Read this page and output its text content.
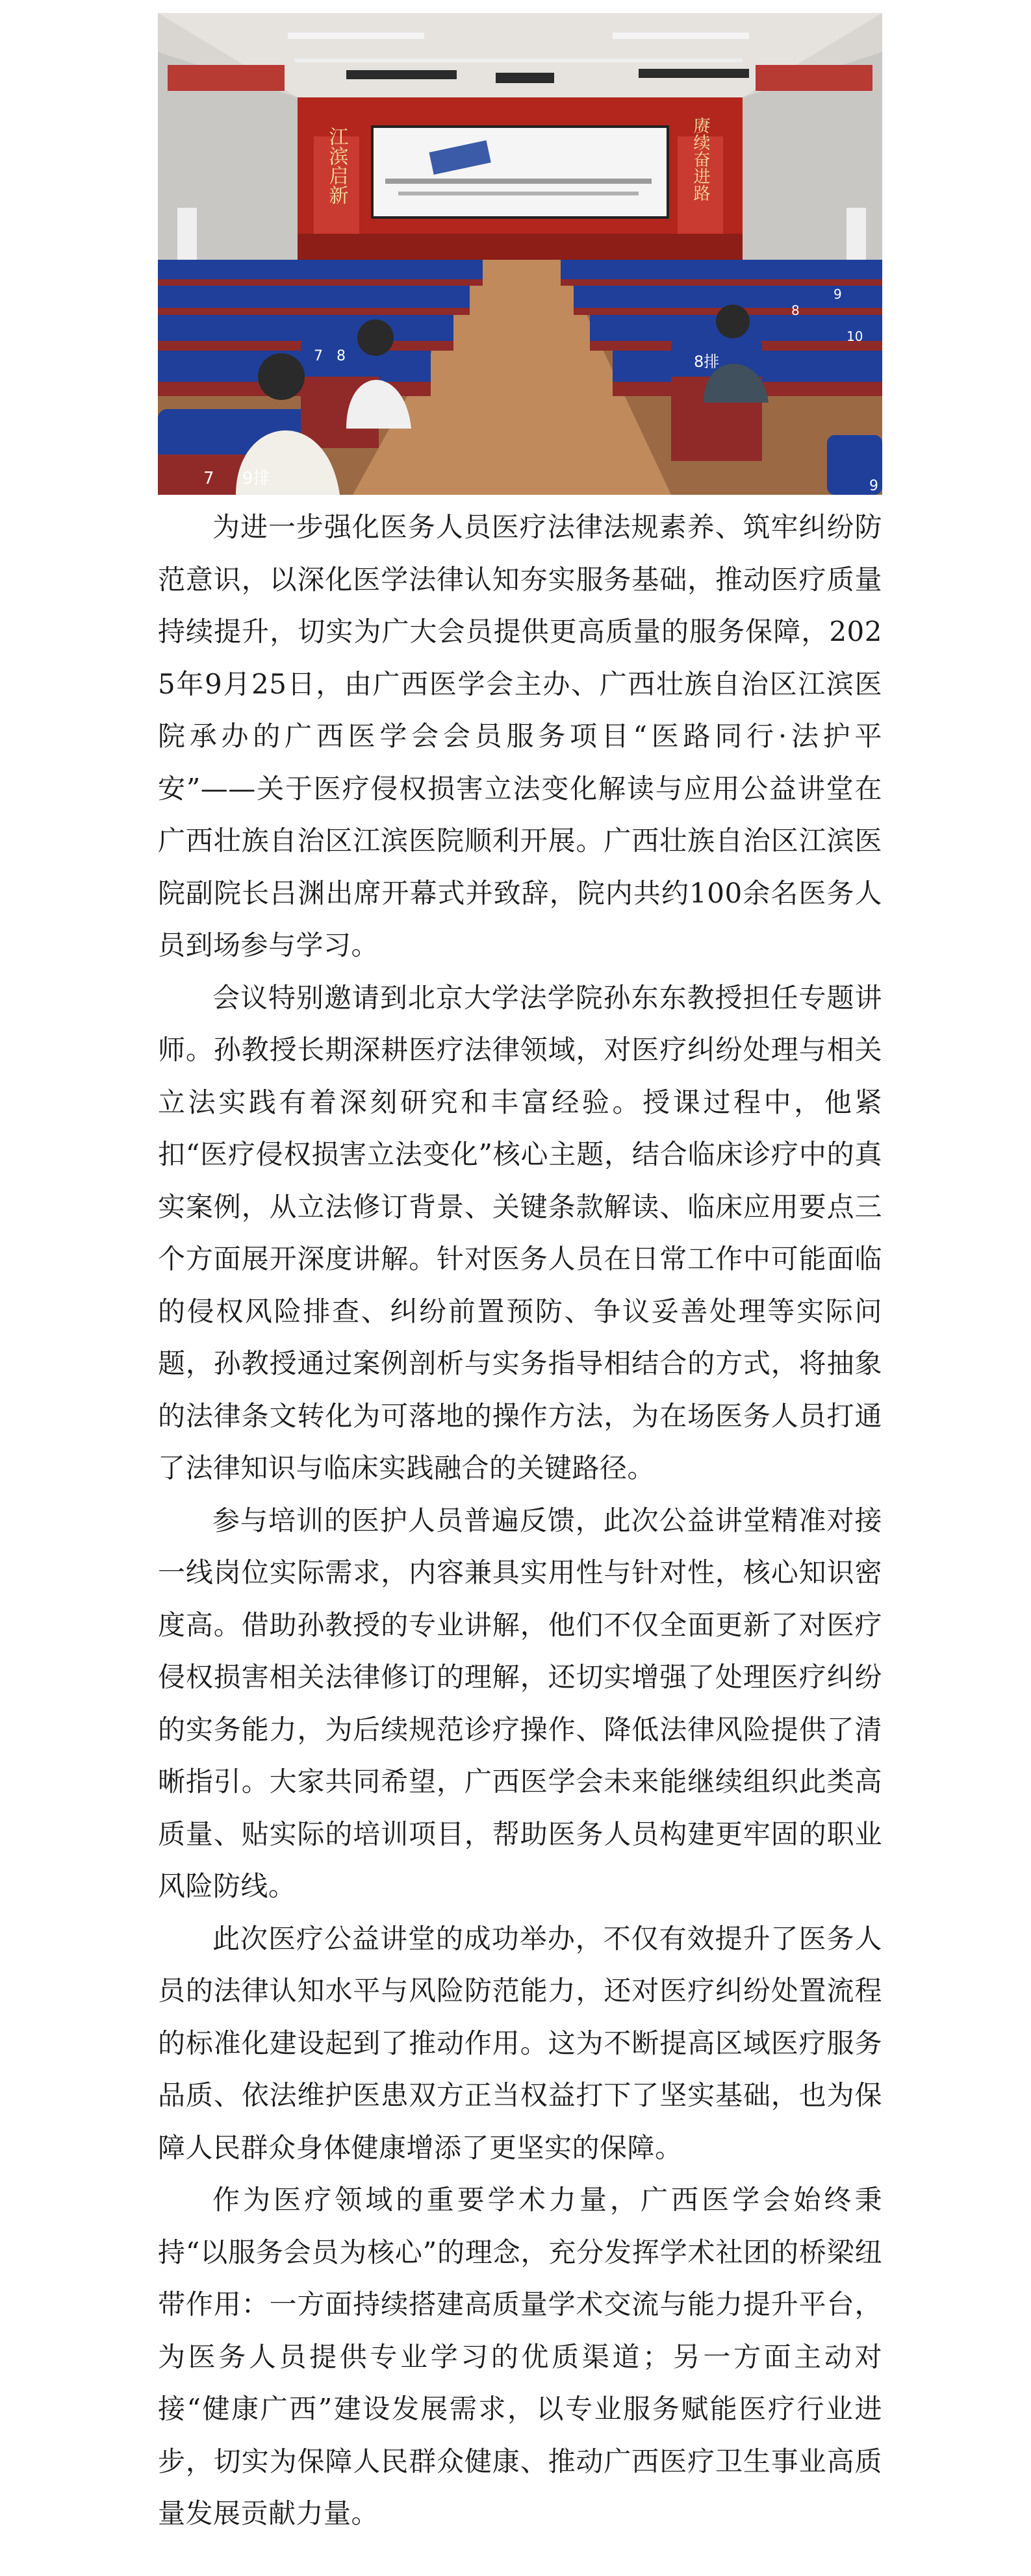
江滨启新	赓续奋进路
7 9排
7 8	8排
8
9
10
9

为进一步强化医务人员医疗法律法规素养、筑牢纠纷防范意识，以深化医学法律认知夯实服务基础，推动医疗质量持续提升，切实为广大会员提供更高质量的服务保障，2025年9月25日，由广西医学会主办、广西壮族自治区江滨医院承办的广西医学会会员服务项目“医路同行·法护平安”——关于医疗侵权损害立法变化解读与应用公益讲堂在广西壮族自治区江滨医院顺利开展。广西壮族自治区江滨医院副院长吕渊出席开幕式并致辞，院内共约100余名医务人员到场参与学习。

会议特别邀请到北京大学法学院孙东东教授担任专题讲师。孙教授长期深耕医疗法律领域，对医疗纠纷处理与相关立法实践有着深刻研究和丰富经验。授课过程中，他紧扣“医疗侵权损害立法变化”核心主题，结合临床诊疗中的真实案例，从立法修订背景、关键条款解读、临床应用要点三个方面展开深度讲解。针对医务人员在日常工作中可能面临的侵权风险排查、纠纷前置预防、争议妥善处理等实际问题，孙教授通过案例剖析与实务指导相结合的方式，将抽象的法律条文转化为可落地的操作方法，为在场医务人员打通了法律知识与临床实践融合的关键路径。

参与培训的医护人员普遍反馈，此次公益讲堂精准对接一线岗位实际需求，内容兼具实用性与针对性，核心知识密度高。借助孙教授的专业讲解，他们不仅全面更新了对医疗侵权损害相关法律修订的理解，还切实增强了处理医疗纠纷的实务能力，为后续规范诊疗操作、降低法律风险提供了清晰指引。大家共同希望，广西医学会未来能继续组织此类高质量、贴实际的培训项目，帮助医务人员构建更牢固的职业风险防线。

此次医疗公益讲堂的成功举办，不仅有效提升了医务人员的法律认知水平与风险防范能力，还对医疗纠纷处置流程的标准化建设起到了推动作用。这为不断提高区域医疗服务品质、依法维护医患双方正当权益打下了坚实基础，也为保障人民群众身体健康增添了更坚实的保障。

作为医疗领域的重要学术力量，广西医学会始终秉持“以服务会员为核心”的理念，充分发挥学术社团的桥梁纽带作用：一方面持续搭建高质量学术交流与能力提升平台，为医务人员提供专业学习的优质渠道；另一方面主动对接“健康广西”建设发展需求，以专业服务赋能医疗行业进步，切实为保障人民群众健康、推动广西医疗卫生事业高质量发展贡献力量。
